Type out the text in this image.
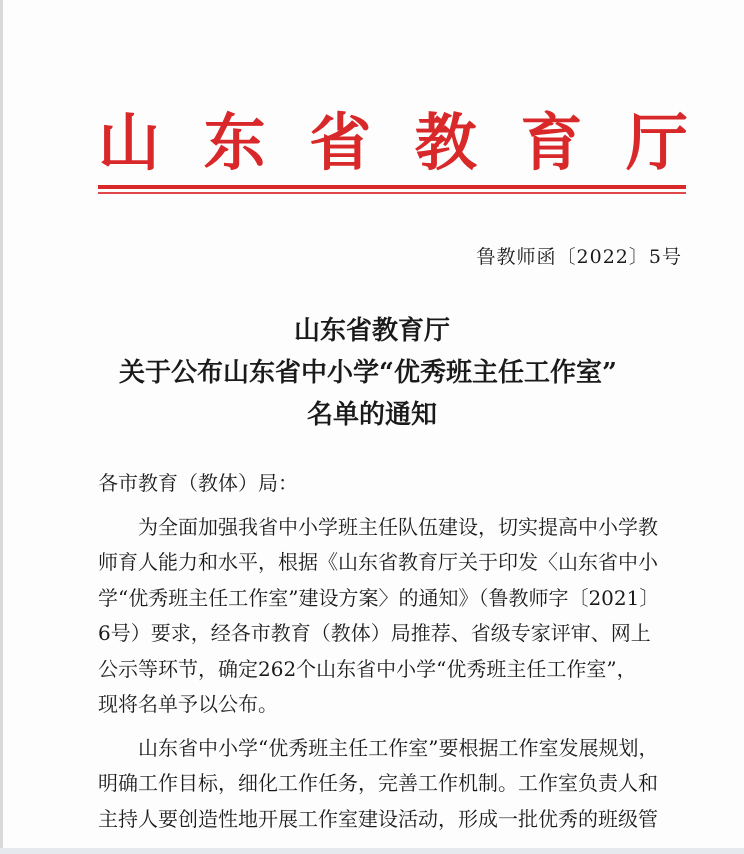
山 东 省 教 育 厅
鲁教师函〔2022〕5号
山东省教育厅
关于公布山东省中小学“优秀班主任工作室”
名单的通知

各市教育（教体）局：

为全面加强我省中小学班主任队伍建设，切实提高中小学教

师育人能力和水平，根据《山东省教育厅关于印发〈山东省中小

学“优秀班主任工作室”建设方案〉的通知》（鲁教师字〔2021〕

6号）要求，经各市教育（教体）局推荐、省级专家评审、网上

公示等环节，确定262个山东省中小学“优秀班主任工作室”，

现将名单予以公布。

山东省中小学“优秀班主任工作室”要根据工作室发展规划，

明确工作目标，细化工作任务，完善工作机制。工作室负责人和

主持人要创造性地开展工作室建设活动，形成一批优秀的班级管
